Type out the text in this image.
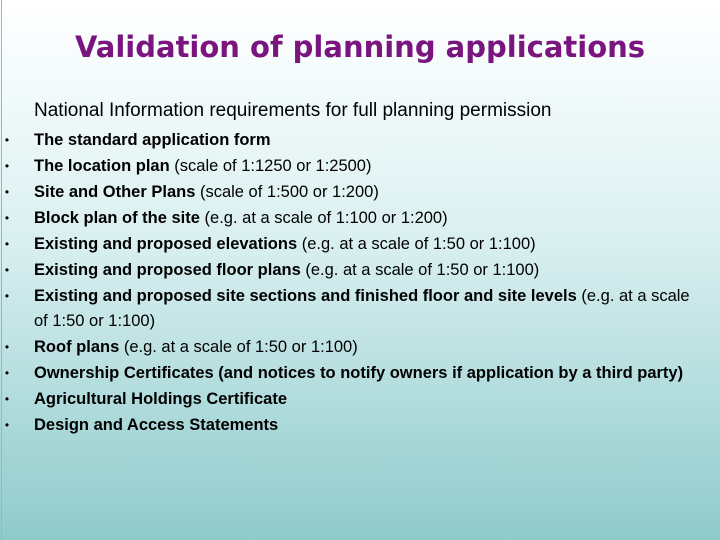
Validation of planning applications

National Information requirements for full planning permission

• The standard application form
• The location plan (scale of 1:1250 or 1:2500)
• Site and Other Plans (scale of 1:500 or 1:200)
• Block plan of the site (e.g. at a scale of 1:100 or 1:200)
• Existing and proposed elevations (e.g. at a scale of 1:50 or 1:100)
• Existing and proposed floor plans (e.g. at a scale of 1:50 or 1:100)
• Existing and proposed site sections and finished floor and site levels (e.g. at a scale of 1:50 or 1:100)
• Roof plans (e.g. at a scale of 1:50 or 1:100)
• Ownership Certificates (and notices to notify owners if application by a third party)
• Agricultural Holdings Certificate
• Design and Access Statements
